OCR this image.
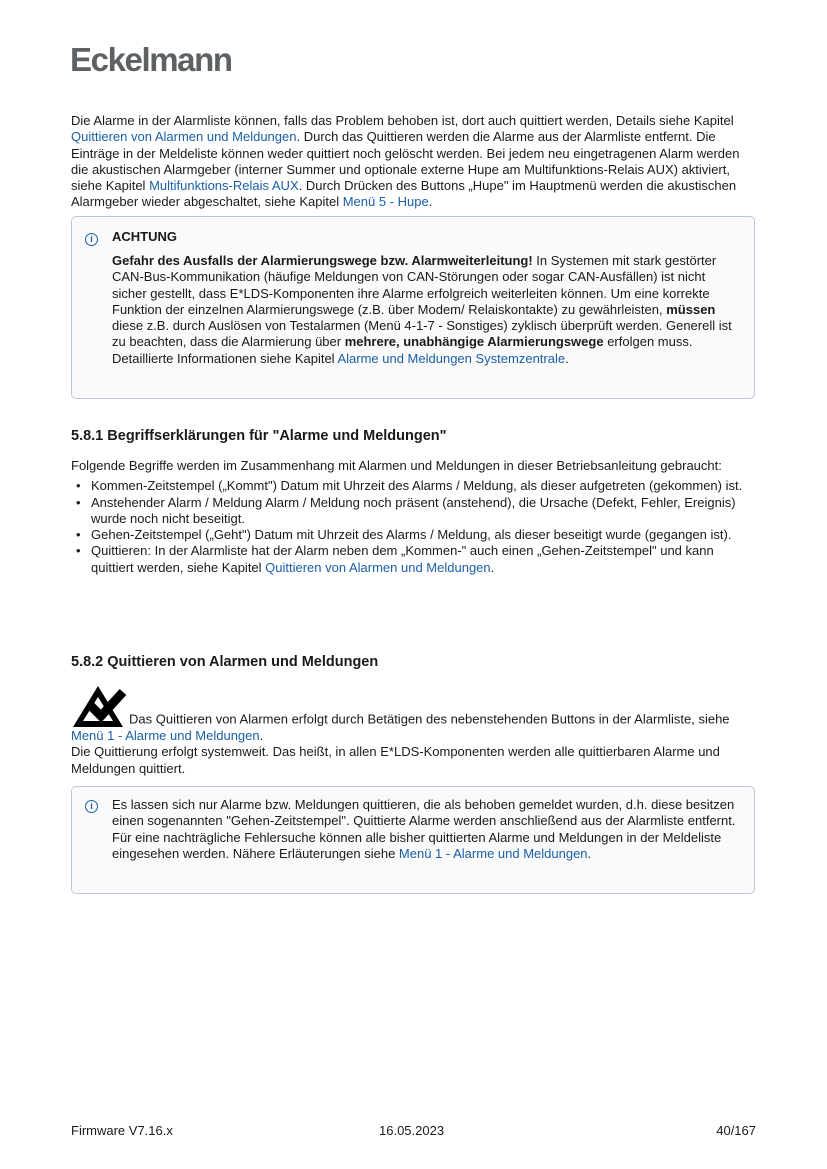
Eckelmann

Die Alarme in der Alarmliste können, falls das Problem behoben ist, dort auch quittiert werden, Details siehe Kapitel Quittieren von Alarmen und Meldungen. Durch das Quittieren werden die Alarme aus der Alarmliste entfernt. Die Einträge in der Meldeliste können weder quittiert noch gelöscht werden. Bei jedem neu eingetragenen Alarm werden die akustischen Alarmgeber (interner Summer und optionale externe Hupe am Multifunktions-Relais AUX) aktiviert, siehe Kapitel Multifunktions-Relais AUX. Durch Drücken des Buttons „Hupe" im Hauptmenü werden die akustischen Alarmgeber wieder abgeschaltet, siehe Kapitel Menü 5 - Hupe.

i	ACHTUNG
Gefahr des Ausfalls der Alarmierungswege bzw. Alarmweiterleitung! In Systemen mit stark gestörter CAN-Bus-Kommunikation (häufige Meldungen von CAN-Störungen oder sogar CAN-Ausfällen) ist nicht sicher gestellt, dass E*LDS-Komponenten ihre Alarme erfolgreich weiterleiten können. Um eine korrekte Funktion der einzelnen Alarmierungswege (z.B. über Modem/ Relaiskontakte) zu gewährleisten, müssen diese z.B. durch Auslösen von Testalarmen (Menü 4-1-7 - Sonstiges) zyklisch überprüft werden. Generell ist zu beachten, dass die Alarmierung über mehrere, unabhängige Alarmierungswege erfolgen muss.
Detaillierte Informationen siehe Kapitel Alarme und Meldungen Systemzentrale.
5.8.1 Begriffserklärungen für "Alarme und Meldungen"

Folgende Begriffe werden im Zusammenhang mit Alarmen und Meldungen in dieser Betriebsanleitung gebraucht:

• Kommen-Zeitstempel („Kommt") Datum mit Uhrzeit des Alarms / Meldung, als dieser aufgetreten (gekommen) ist.
• Anstehender Alarm / Meldung Alarm / Meldung noch präsent (anstehend), die Ursache (Defekt, Fehler, Ereignis) wurde noch nicht beseitigt.
• Gehen-Zeitstempel („Geht") Datum mit Uhrzeit des Alarms / Meldung, als dieser beseitigt wurde (gegangen ist).
• Quittieren: In der Alarmliste hat der Alarm neben dem „Kommen-" auch einen „Gehen-Zeitstempel" und kann quittiert werden, siehe Kapitel Quittieren von Alarmen und Meldungen.
5.8.2 Quittieren von Alarmen und Meldungen

Das Quittieren von Alarmen erfolgt durch Betätigen des nebenstehenden Buttons in der Alarmliste, siehe Menü 1 - Alarme und Meldungen.

Die Quittierung erfolgt systemweit. Das heißt, in allen E*LDS-Komponenten werden alle quittierbaren Alarme und Meldungen quittiert.

i	Es lassen sich nur Alarme bzw. Meldungen quittieren, die als behoben gemeldet wurden, d.h. diese besitzen einen sogenannten "Gehen-Zeitstempel". Quittierte Alarme werden anschließend aus der Alarmliste entfernt. Für eine nachträgliche Fehlersuche können alle bisher quittierten Alarme und Meldungen in der Meldeliste eingesehen werden. Nähere Erläuterungen siehe Menü 1 - Alarme und Meldungen.
Firmware V7.16.x	16.05.2023	40/167
